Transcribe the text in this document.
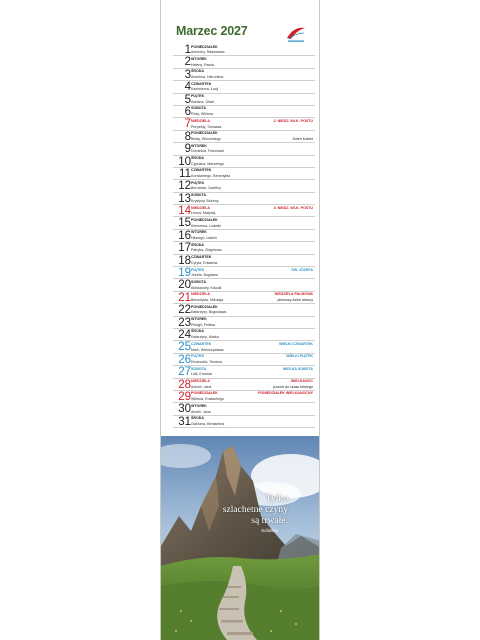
Marzec 2027
1 PONIEDZIAŁEK
Antoniny, Radosława
2 WTOREK
Heleny, Pawła
3 ŚRODA
Anselma, Hieronima
4 CZWARTEK
Kazimierza, Łucji
5 PIĄTEK
Adriana, Oliwii
6 SOBOTA
Róży, Wiktora
7 NIEDZIELA
Perpetuy, Tomasza
2. NIEDZ. WLK. POSTU
8 PONIEDZIAŁEK
Beaty, Wincentego	Dzień Kobiet
9 WTOREK
Dominika, Franciszki
10 ŚRODA
Cypriana, Marcelego
11 CZWARTEK
Konstantego, Benedykta
12 PIĄTEK
Bernarda, Józefiny
13 SOBOTA
Krystyny, Bożeny
14 NIEDZIELA
Leona, Matyldy
3. NIEDZ. WLK. POSTU
15 PONIEDZIAŁEK
Klemensa, Ludwiki
16 WTOREK
Hilarego, Izabeli
17 ŚRODA
Patryka, Zbigniewa
18 CZWARTEK
Cyryla, Edwarda
19 PIĄTEK
Józefa, Bogdana
ŚW. JÓZEFA
20 SOBOTA
Aleksandry, Klaudii
21 NIEDZIELA
Benedykta, Mikołaja
NIEDZIELA PALMOWA
pierwszy dzień wiosny
22 PONIEDZIAŁEK
Katarzyny, Bogusława
23 WTOREK
Pelagii, Feliksa
24 ŚRODA
Katarzyny, Marka
25 CZWARTEK
Marii, Wieńczysława
WIELKI CZWARTEK
26 PIĄTEK
Emanuela, Teodora
WIELKI PIĄTEK
27 SOBOTA
Lidii, Ernesta
WIELKA SOBOTA
28 NIEDZIELA
Aniceli, Jana
WIELKANOC
powrót do czasu letniego
29 PONIEDZIAŁEK
Wiktora, Eustachego
PONIEDZIAŁEK WIELKANOCNY
30 WTOREK
Amelii, Jana
31 ŚRODA
Gwidona, Beniamina
Tylko
szlachetne czyny
są trwałe.
Sofokles
